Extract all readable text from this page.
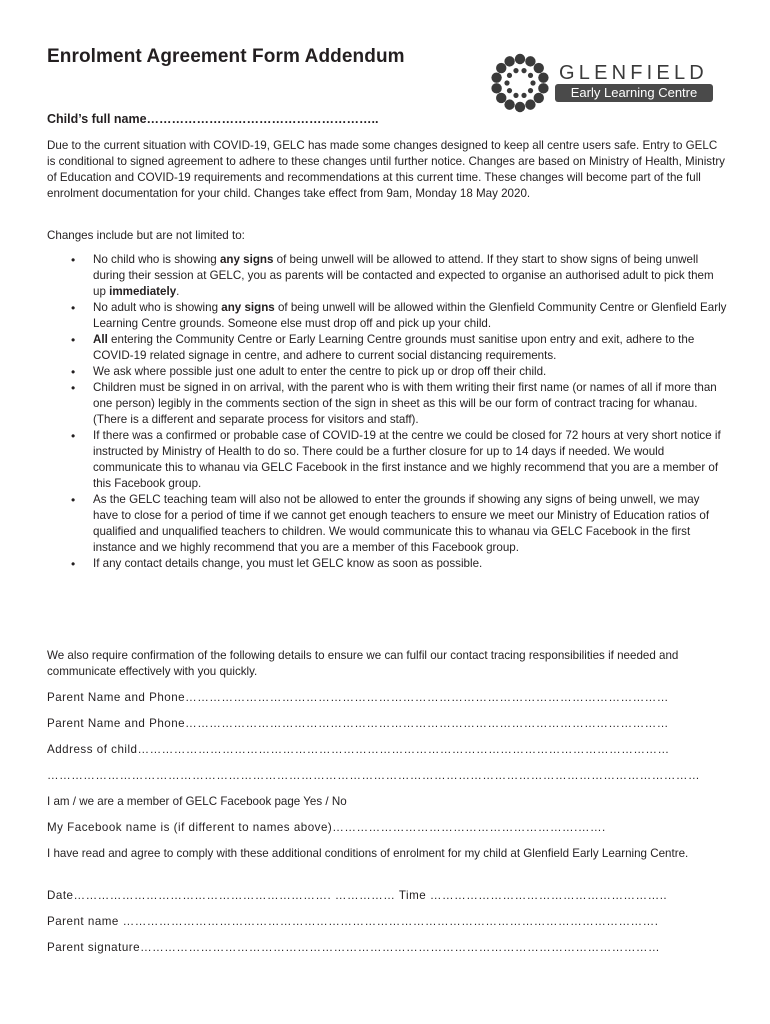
Enrolment Agreement Form Addendum
GLENFIELD
Early Learning Centre
Child’s full name………………………………………………..

Due to the current situation with COVID-19, GELC has made some changes designed to keep all centre users safe. Entry to GELC is conditional to signed agreement to adhere to these changes until further notice. Changes are based on Ministry of Health, Ministry of Education and COVID-19 requirements and recommendations at this current time. These changes will become part of the full enrolment documentation for your child. Changes take effect from 9am, Monday 18 May 2020.

Changes include but are not limited to:

• No child who is showing any signs of being unwell will be allowed to attend. If they start to show signs of being unwell during their session at GELC, you as parents will be contacted and expected to organise an authorised adult to pick them up immediately.
• No adult who is showing any signs of being unwell will be allowed within the Glenfield Community Centre or Glenfield Early Learning Centre grounds. Someone else must drop off and pick up your child.
• All entering the Community Centre or Early Learning Centre grounds must sanitise upon entry and exit, adhere to the COVID-19 related signage in centre, and adhere to current social distancing requirements.
• We ask where possible just one adult to enter the centre to pick up or drop off their child.
• Children must be signed in on arrival, with the parent who is with them writing their first name (or names of all if more than one person) legibly in the comments section of the sign in sheet as this will be our form of contract tracing for whanau. (There is a different and separate process for visitors and staff).
• If there was a confirmed or probable case of COVID-19 at the centre we could be closed for 72 hours at very short notice if instructed by Ministry of Health to do so. There could be a further closure for up to 14 days if needed. We would communicate this to whanau via GELC Facebook in the first instance and we highly recommend that you are a member of this Facebook group.
• As the GELC teaching team will also not be allowed to enter the grounds if showing any signs of being unwell, we may have to close for a period of time if we cannot get enough teachers to ensure we meet our Ministry of Education ratios of qualified and unqualified teachers to children. We would communicate this to whanau via GELC Facebook in the first instance and we highly recommend that you are a member of this Facebook group.
• If any contact details change, you must let GELC know as soon as possible.

We also require confirmation of the following details to ensure we can fulfil our contact tracing responsibilities if needed and communicate effectively with you quickly.

Parent Name and Phone…………………………………………………………………………………………………………
Parent Name and Phone…………………………………………………………………………………………………………
Address of child……………………………………………………………………………………………………………………
………………………………………………………………………………………………………………………………………………
I am / we are a member of GELC Facebook page Yes / No
My Facebook name is (if different to names above)…………………………………………………….…….
I have read and agree to comply with these additional conditions of enrolment for my child at Glenfield Early Learning Centre.
Date………………………………………………………. …………… Time …………………………………………………..
Parent name …………………………………………………………………………………………………………………….
Parent signature…………………………………………………………………………………………………………………
